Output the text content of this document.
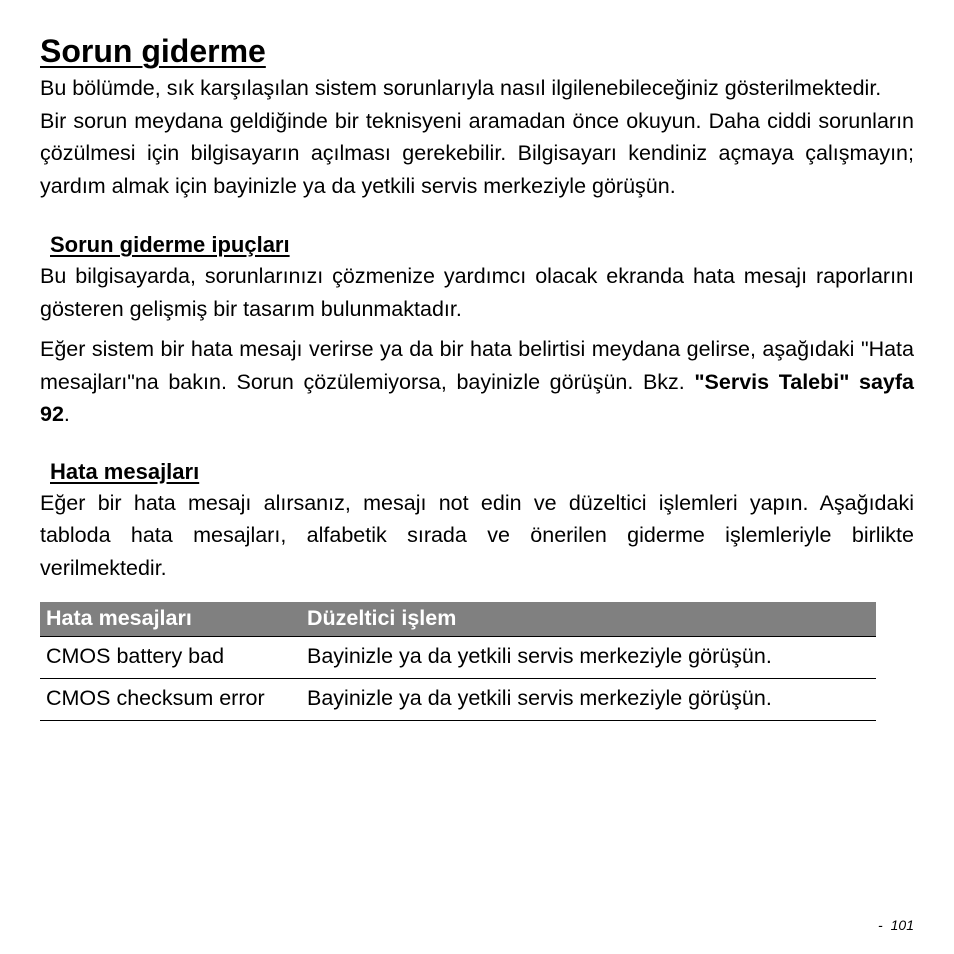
Sorun giderme

Bu bölümde, sık karşılaşılan sistem sorunlarıyla nasıl ilgilenebileceğiniz gösterilmektedir.

Bir sorun meydana geldiğinde bir teknisyeni aramadan önce okuyun. Daha ciddi sorunların çözülmesi için bilgisayarın açılması gerekebilir. Bilgisayarı kendiniz açmaya çalışmayın; yardım almak için bayinizle ya da yetkili servis merkeziyle görüşün.

Sorun giderme ipuçları

Bu bilgisayarda, sorunlarınızı çözmenize yardımcı olacak ekranda hata mesajı raporlarını gösteren gelişmiş bir tasarım bulunmaktadır.

Eğer sistem bir hata mesajı verirse ya da bir hata belirtisi meydana gelirse, aşağıdaki "Hata mesajları"na bakın. Sorun çözülemiyorsa, bayinizle görüşün. Bkz. "Servis Talebi" sayfa 92.

Hata mesajları

Eğer bir hata mesajı alırsanız, mesajı not edin ve düzeltici işlemleri yapın. Aşağıdaki tabloda hata mesajları, alfabetik sırada ve önerilen giderme işlemleriyle birlikte verilmektedir.

Hata mesajları	Düzeltici işlem
CMOS battery bad	Bayinizle ya da yetkili servis merkeziyle görüşün.
CMOS checksum error	Bayinizle ya da yetkili servis merkeziyle görüşün.
- 101
